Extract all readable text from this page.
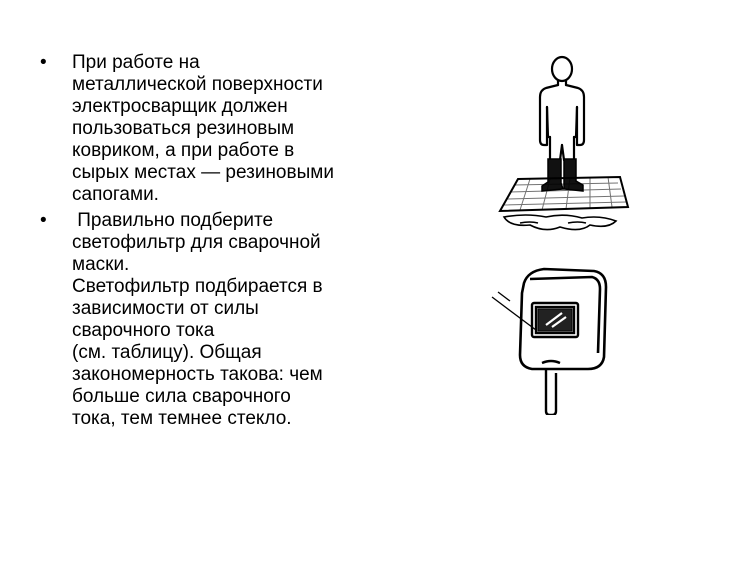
• При работе на
металлической поверхности
электросварщик должен
пользоваться резиновым
ковриком, а при работе в
сырых местах — резиновыми
сапогами.
• Правильно подберите
светофильтр для сварочной
маски.
Светофильтр подбирается в
зависимости от силы
сварочного тока
(см. таблицу). Общая
закономерность такова: чем
больше сила сварочного
тока, тем темнее стекло.
